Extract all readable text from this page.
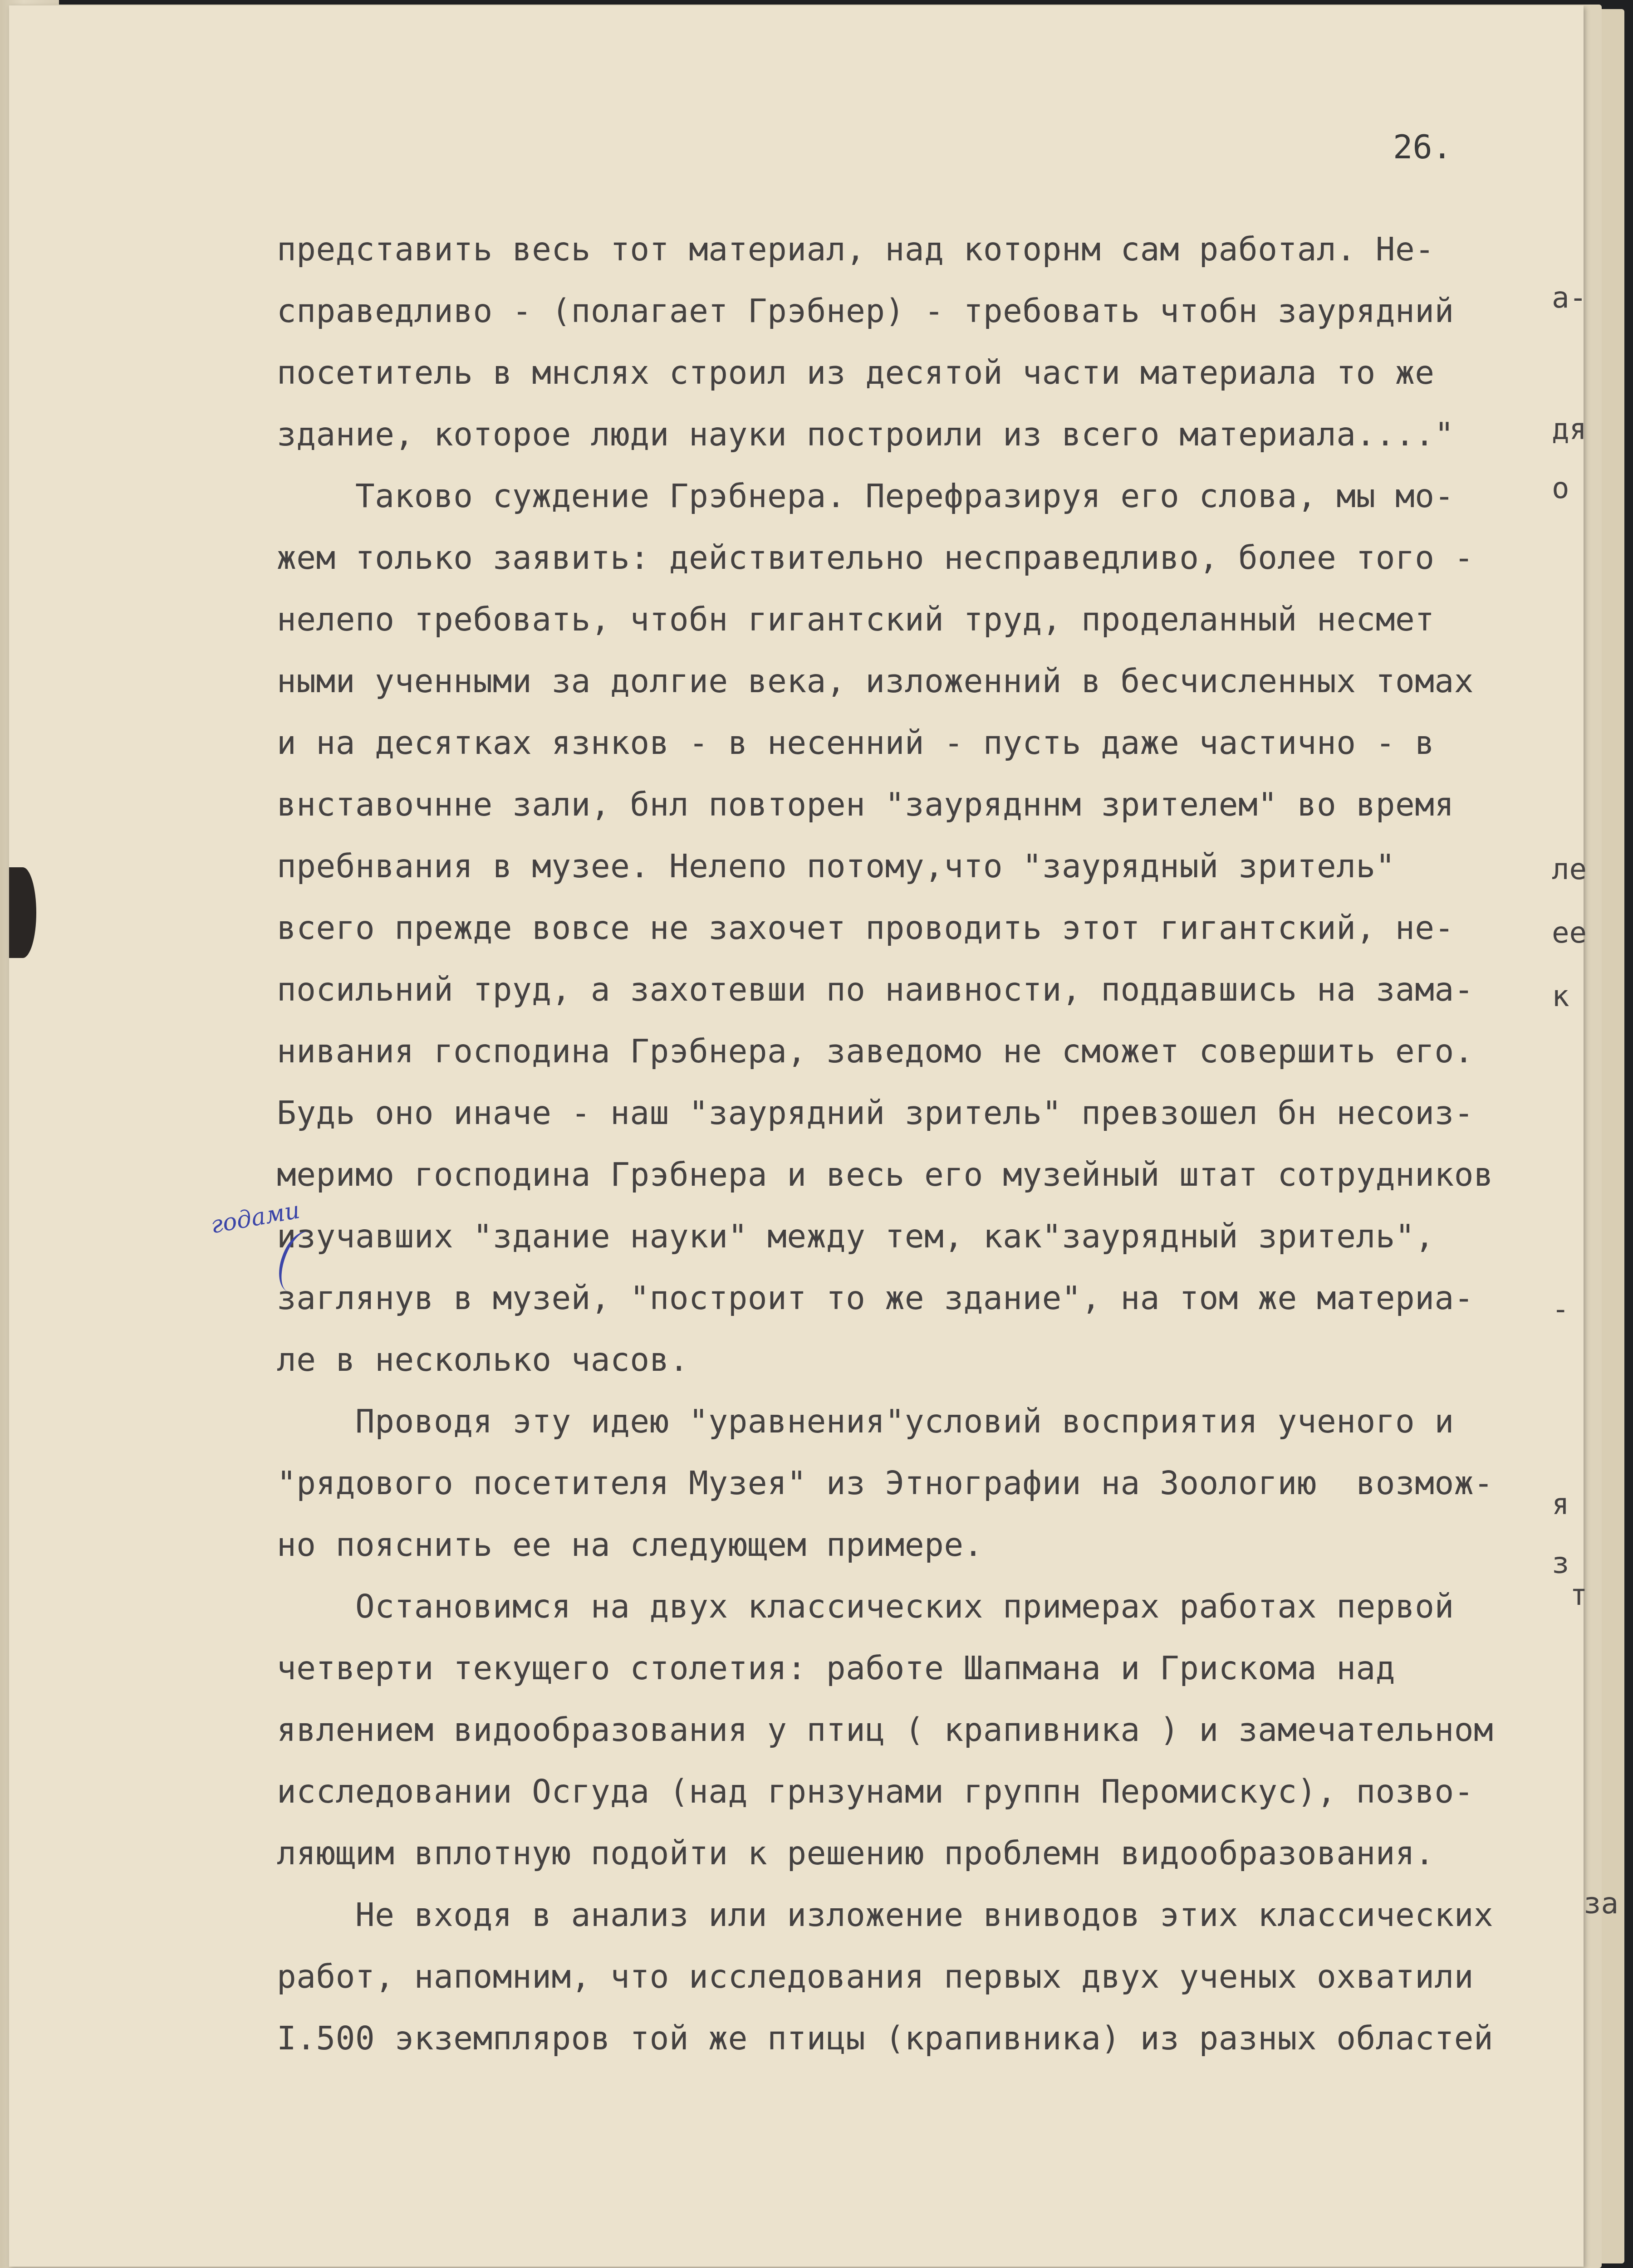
26.

представить весь тот материал, над которнм сам работал. Не-
справедливо - (полагает Грэбнер) - требовать чтобн заурядний
посетитель в мнслях строил из десятой части материала то же
здание, которое люди науки построили из всего материала...."
Таково суждение Грэбнера. Перефразируя его слова, мы мо-
жем только заявить: действительно несправедливо, более того -
нелепо требовать, чтобн гигантский труд, проделанный несмет
ными ученными за долгие века, изложенний в бесчисленных томах
и на десятках язнков - в несенний - пусть даже частично - в
внставочнне зали, бнл повторен "заурядннм зрителем" во время
пребнвания в музее. Нелепо потому,что "заурядный зритель"
всего прежде вовсе не захочет проводить этот гигантский, не-
посильний труд, а захотевши по наивности, поддавшись на зама-
нивания господина Грэбнера, заведомо не сможет совершить его.
Будь оно иначе - наш "заурядний зритель" превзошел бн несоиз-
меримо господина Грэбнера и весь его музейный штат сотрудников
изучавших "здание науки" между тем, как"заурядный зритель",
заглянув в музей, "построит то же здание", на том же материа-
ле в несколько часов.
Проводя эту идею "уравнения"условий восприятия ученого и
"рядового посетителя Музея" из Этнографии на Зоологию  возмож-
но пояснить ее на следующем примере.
Остановимся на двух классических примерах работах первой
четверти текущего столетия: работе Шапмана и Грискома над
явлением видообразования у птиц ( крапивника ) и замечательном
исследовании Осгуда (над грнзунами группн Перомискус), позво-
ляющим вплотную подойти к решению проблемн видообразования.
Не входя в анализ или изложение вниводов этих классических
работ, напомним, что исследования первых двух ученых охватили
I.500 экземпляров той же птицы (крапивника) из разных областей
годами

а-

дя

о

ле

ее

к

-

я

з

т

за
